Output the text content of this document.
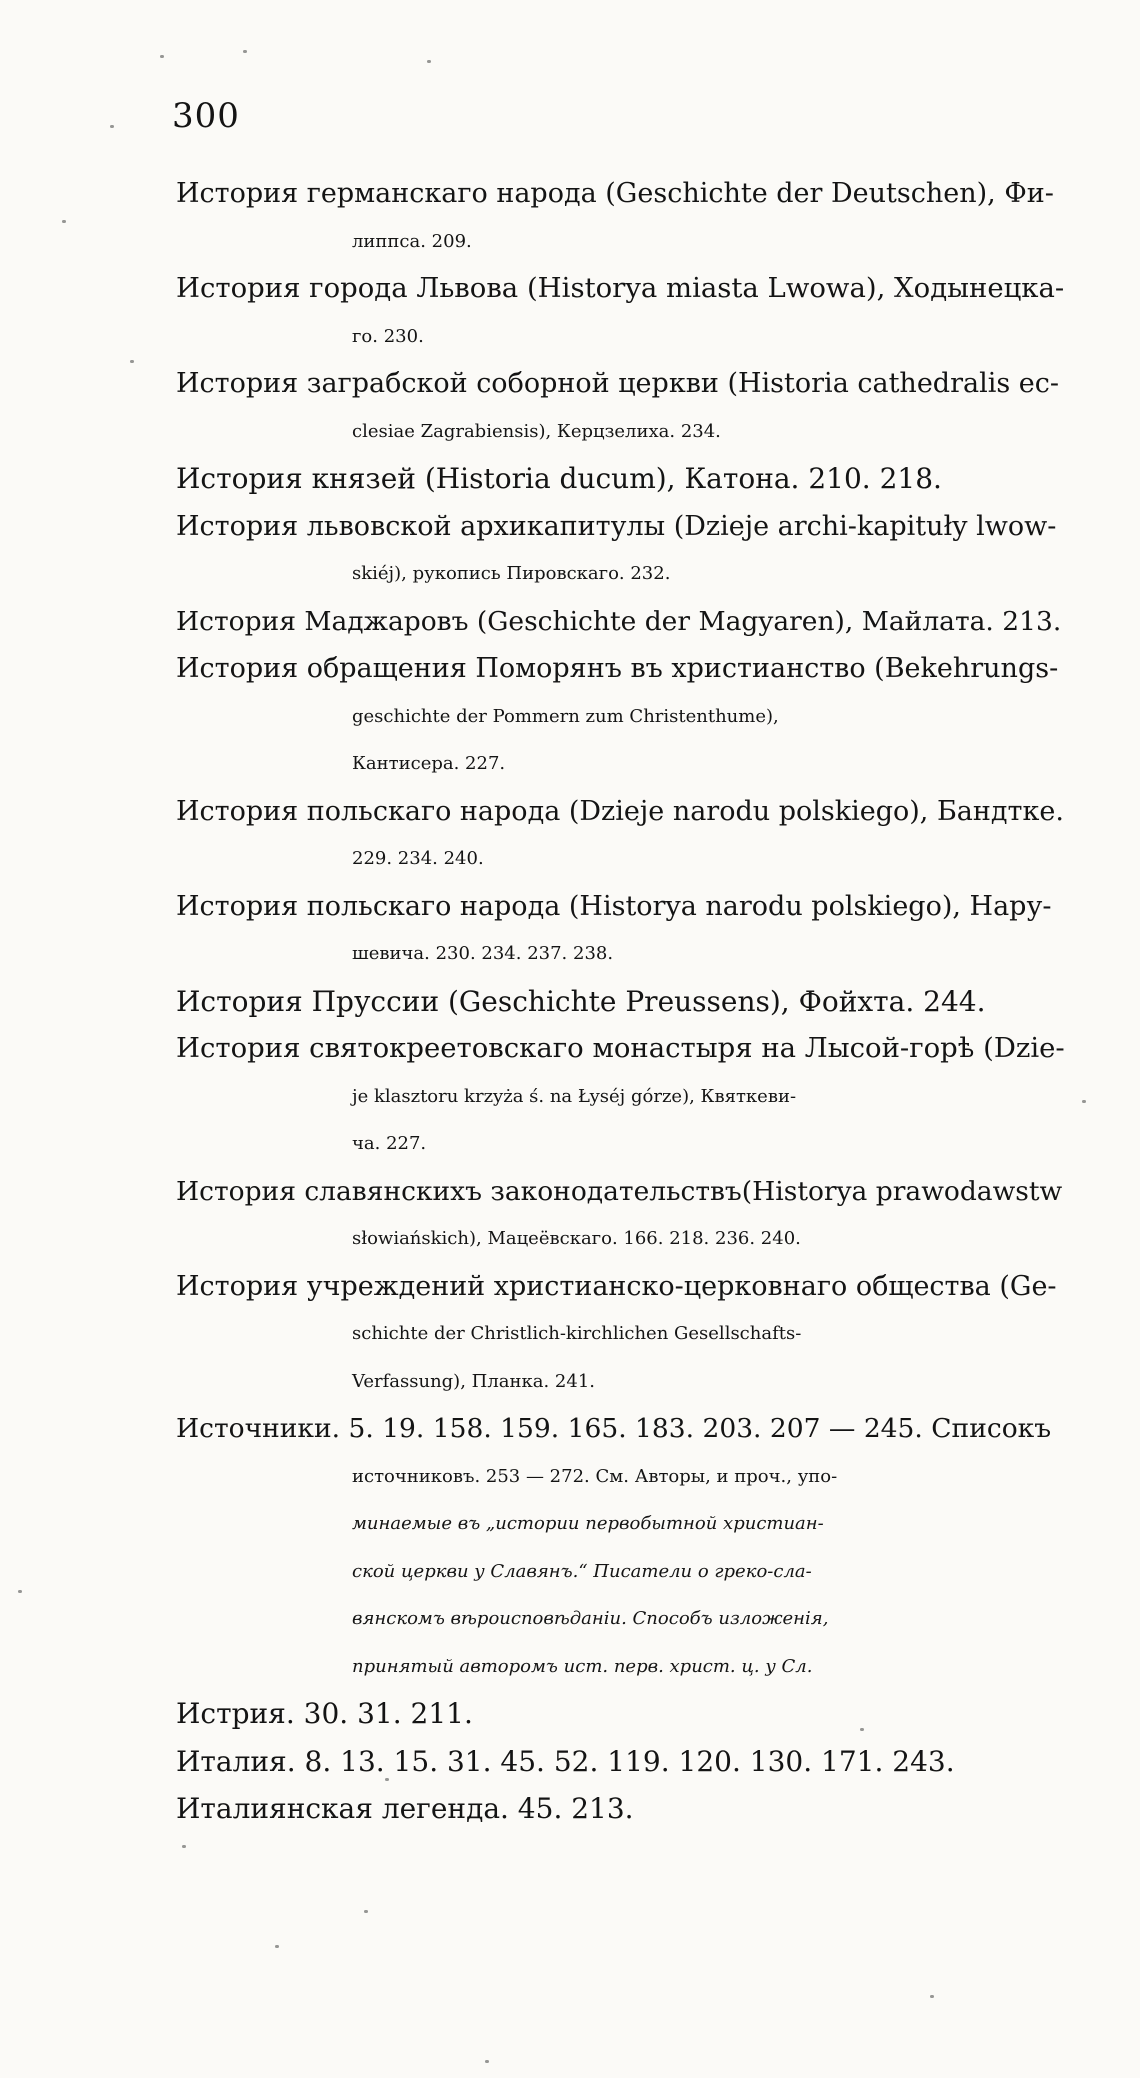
300
История германскаго народа (Geschichte der Deutschen), Фи-
липпса. 209.
История города Львова (Historya miasta Lwowa), Ходынецка-
го. 230.
История заграбской соборной церкви (Historia cathedralis ec-
clesiae Zagrabiensis), Керцзелиха. 234.
История князей (Historia ducum), Катона. 210. 218.
История львовской архикапитулы (Dzieje archi-kapituły lwow-
skiéj), рукопись Пировскаго. 232.
История Маджаровъ (Geschichte der Magyaren), Майлата. 213.
История обращения Поморянъ въ христианство (Bekehrungs-
geschichte der Pommern zum Christenthume),
Кантисера. 227.
История польскаго народа (Dzieje narodu polskiego), Бандтке.
229. 234. 240.
История польскаго народа (Historya narodu polskiego), Нару-
шевича. 230. 234. 237. 238.
История Пруссии (Geschichte Preussens), Фойхта. 244.
История святокреетовскаго монастыря на Лысой-горѣ (Dzie-
je klasztoru krzyża ś. na Łyséj górze), Квяткеви-
ча. 227.
История славянскихъ законодательствъ(Historya prawodawstw
słowiańskich), Мацеёвскаго. 166. 218. 236. 240.
История учреждений христианско-церковнаго общества (Ge-
schichte der Christlich-kirchlichen Gesellschafts-
Verfassung), Планка. 241.
Источники. 5. 19. 158. 159. 165. 183. 203. 207 — 245. Списокъ
источниковъ. 253 — 272. См. Авторы, и проч., упо-
минаемые въ „истории первобытной христиан-
ской церкви у Славянъ.“ Писатели о греко-сла-
вянскомъ вѣроисповѣданіи. Способъ изложенія,
принятый авторомъ ист. перв. христ. ц. у Сл.
Истрия. 30. 31. 211.
Италия. 8. 13. 15. 31. 45. 52. 119. 120. 130. 171. 243.
Италиянская легенда. 45. 213.
